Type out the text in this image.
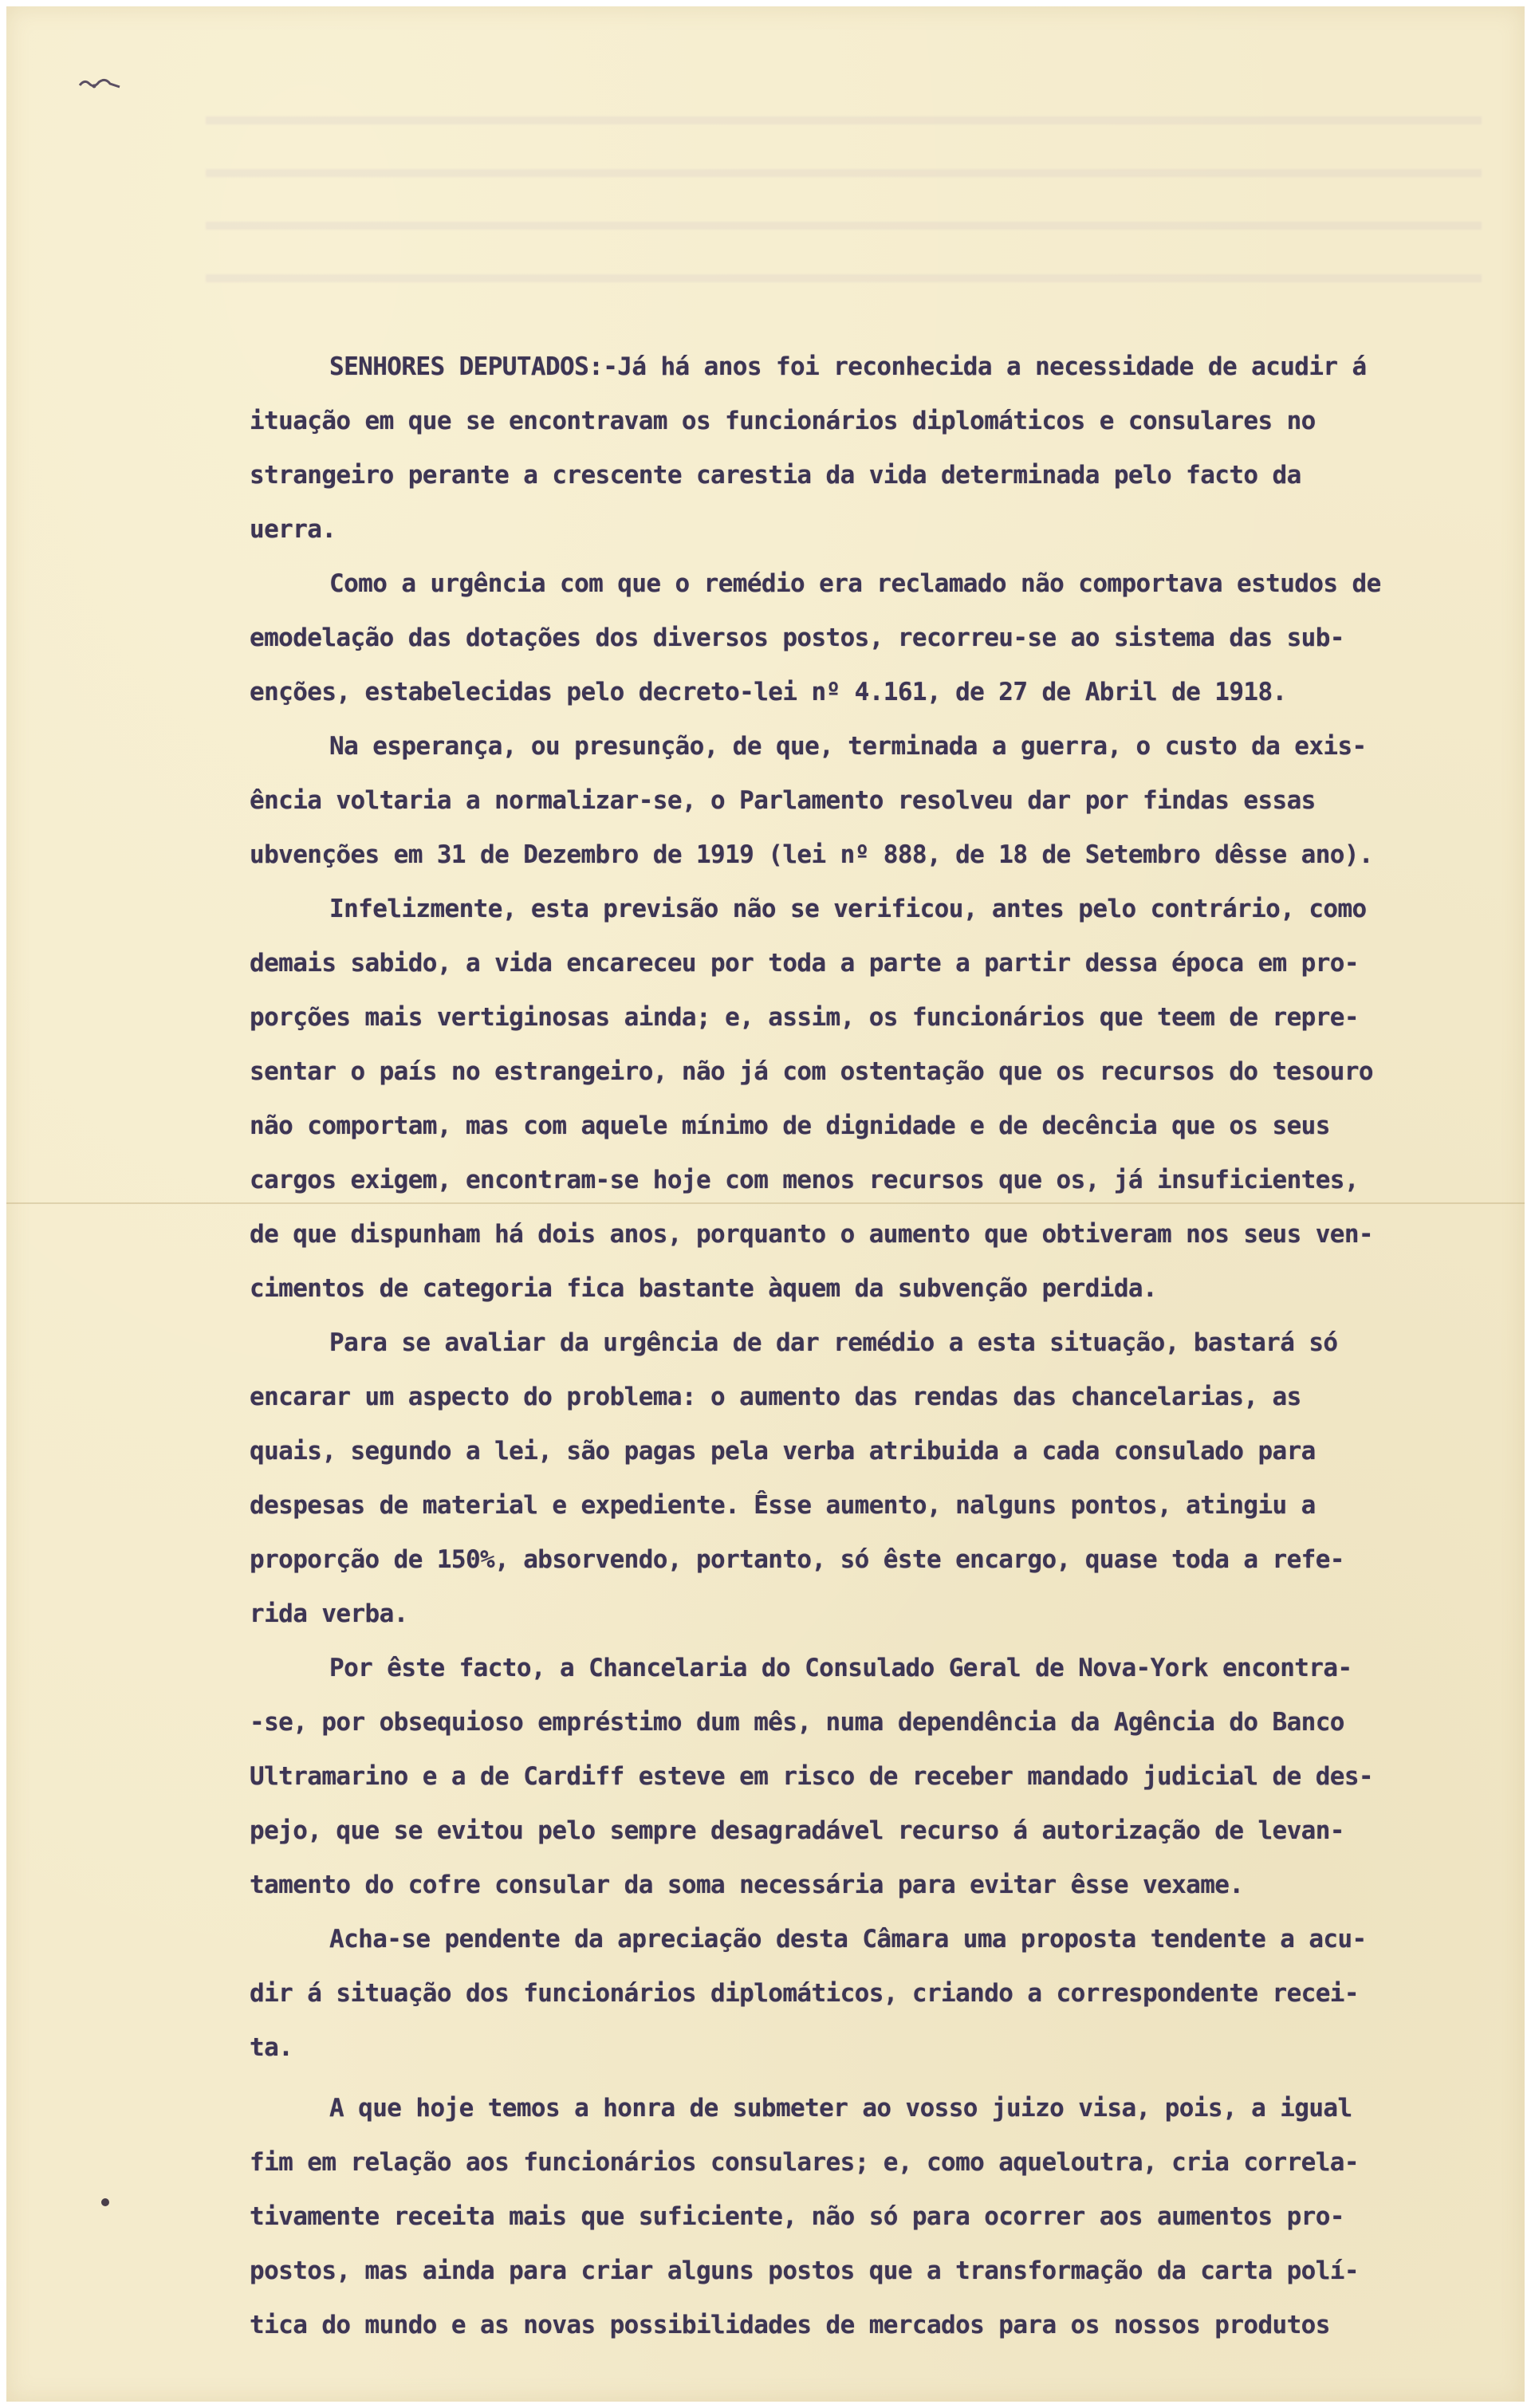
SENHORES DEPUTADOS:-Já há anos foi reconhecida a necessidade de acudir á
ituação em que se encontravam os funcionários diplomáticos e consulares no
strangeiro perante a crescente carestia da vida determinada pelo facto da
uerra.
Como a urgência com que o remédio era reclamado não comportava estudos de
emodelação das dotações dos diversos postos, recorreu-se ao sistema das sub-
enções, estabelecidas pelo decreto-lei nº 4.161, de 27 de Abril de 1918.
Na esperança, ou presunção, de que, terminada a guerra, o custo da exis-
ência voltaria a normalizar-se, o Parlamento resolveu dar por findas essas
ubvenções em 31 de Dezembro de 1919 (lei nº 888, de 18 de Setembro dêsse ano).
Infelizmente, esta previsão não se verificou, antes pelo contrário, como
demais sabido, a vida encareceu por toda a parte a partir dessa época em pro-
porções mais vertiginosas ainda; e, assim, os funcionários que teem de repre-
sentar o país no estrangeiro, não já com ostentação que os recursos do tesouro
não comportam, mas com aquele mínimo de dignidade e de decência que os seus
cargos exigem, encontram-se hoje com menos recursos que os, já insuficientes,
de que dispunham há dois anos, porquanto o aumento que obtiveram nos seus ven-
cimentos de categoria fica bastante àquem da subvenção perdida.
Para se avaliar da urgência de dar remédio a esta situação, bastará só
encarar um aspecto do problema: o aumento das rendas das chancelarias, as
quais, segundo a lei, são pagas pela verba atribuida a cada consulado para
despesas de material e expediente. Êsse aumento, nalguns pontos, atingiu a
proporção de 150%, absorvendo, portanto, só êste encargo, quase toda a refe-
rida verba.
Por êste facto, a Chancelaria do Consulado Geral de Nova-York encontra-
-se, por obsequioso empréstimo dum mês, numa dependência da Agência do Banco
Ultramarino e a de Cardiff esteve em risco de receber mandado judicial de des-
pejo, que se evitou pelo sempre desagradável recurso á autorização de levan-
tamento do cofre consular da soma necessária para evitar êsse vexame.
Acha-se pendente da apreciação desta Câmara uma proposta tendente a acu-
dir á situação dos funcionários diplomáticos, criando a correspondente recei-
ta.
A que hoje temos a honra de submeter ao vosso juizo visa, pois, a igual
fim em relação aos funcionários consulares; e, como aqueloutra, cria correla-
tivamente receita mais que suficiente, não só para ocorrer aos aumentos pro-
postos, mas ainda para criar alguns postos que a transformação da carta polí-
tica do mundo e as novas possibilidades de mercados para os nossos produtos
